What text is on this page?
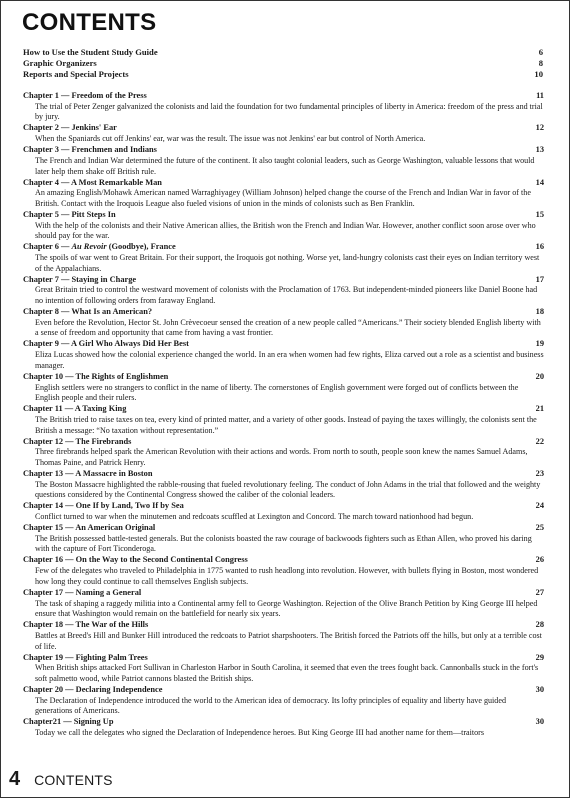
CONTENTS
How to Use the Student Study Guide	6
Graphic Organizers	8
Reports and Special Projects	10
Chapter 1 — Freedom of the Press	11
The trial of Peter Zenger galvanized the colonists and laid the foundation for two fundamental principles of liberty in America: freedom of the press and trial by jury.
Chapter 2 — Jenkins' Ear	12
When the Spaniards cut off Jenkins' ear, war was the result. The issue was not Jenkins' ear but control of North America.
Chapter 3 — Frenchmen and Indians	13
The French and Indian War determined the future of the continent. It also taught colonial leaders, such as George Washington, valuable lessons that would later help them shake off British rule.
Chapter 4 — A Most Remarkable Man	14
An amazing English/Mohawk American named Warraghiyagey (William Johnson) helped change the course of the French and Indian War in favor of the British. Contact with the Iroquois League also fueled visions of union in the minds of colonists such as Ben Franklin.
Chapter 5 — Pitt Steps In	15
With the help of the colonists and their Native American allies, the British won the French and Indian War. However, another conflict soon arose over who should pay for the war.
Chapter 6 — Au Revoir (Goodbye), France	16
The spoils of war went to Great Britain. For their support, the Iroquois got nothing. Worse yet, land-hungry colonists cast their eyes on Indian territory west of the Appalachians.
Chapter 7 — Staying in Charge	17
Great Britain tried to control the westward movement of colonists with the Proclamation of 1763. But independent-minded pioneers like Daniel Boone had no intention of following orders from faraway England.
Chapter 8 — What Is an American?	18
Even before the Revolution, Hector St. John Crèvecoeur sensed the creation of a new people called “Americans.” Their society blended English liberty with a sense of freedom and opportunity that came from having a vast frontier.
Chapter 9 — A Girl Who Always Did Her Best	19
Eliza Lucas showed how the colonial experience changed the world. In an era when women had few rights, Eliza carved out a role as a scientist and business manager.
Chapter 10 — The Rights of Englishmen	20
English settlers were no strangers to conflict in the name of liberty. The cornerstones of English government were forged out of conflicts between the English people and their rulers.
Chapter 11 — A Taxing King	21
The British tried to raise taxes on tea, every kind of printed matter, and a variety of other goods. Instead of paying the taxes willingly, the colonists sent the British a message: “No taxation without representation.”
Chapter 12 — The Firebrands	22
Three firebrands helped spark the American Revolution with their actions and words. From north to south, people soon knew the names Samuel Adams, Thomas Paine, and Patrick Henry.
Chapter 13 — A Massacre in Boston	23
The Boston Massacre highlighted the rabble-rousing that fueled revolutionary feeling. The conduct of John Adams in the trial that followed and the weighty questions considered by the Continental Congress showed the caliber of the colonial leaders.
Chapter 14 — One If by Land, Two If by Sea	24
Conflict turned to war when the minutemen and redcoats scuffled at Lexington and Concord. The march toward nationhood had begun.
Chapter 15 — An American Original	25
The British possessed battle-tested generals. But the colonists boasted the raw courage of backwoods fighters such as Ethan Allen, who proved his daring with the capture of Fort Ticonderoga.
Chapter 16 — On the Way to the Second Continental Congress	26
Few of the delegates who traveled to Philadelphia in 1775 wanted to rush headlong into revolution. However, with bullets flying in Boston, most wondered how long they could continue to call themselves English subjects.
Chapter 17 — Naming a General	27
The task of shaping a raggedy militia into a Continental army fell to George Washington. Rejection of the Olive Branch Petition by King George III helped ensure that Washington would remain on the battlefield for nearly six years.
Chapter 18 — The War of the Hills	28
Battles at Breed's Hill and Bunker Hill introduced the redcoats to Patriot sharpshooters. The British forced the Patriots off the hills, but only at a terrible cost of life.
Chapter 19 — Fighting Palm Trees	29
When British ships attacked Fort Sullivan in Charleston Harbor in South Carolina, it seemed that even the trees fought back. Cannonballs stuck in the fort's soft palmetto wood, while Patriot cannons blasted the British ships.
Chapter 20 — Declaring Independence	30
The Declaration of Independence introduced the world to the American idea of democracy. Its lofty principles of equality and liberty have guided generations of Americans.
Chapter21 — Signing Up	30
Today we call the delegates who signed the Declaration of Independence heroes. But King George III had another name for them—traitors
4 CONTENTS
